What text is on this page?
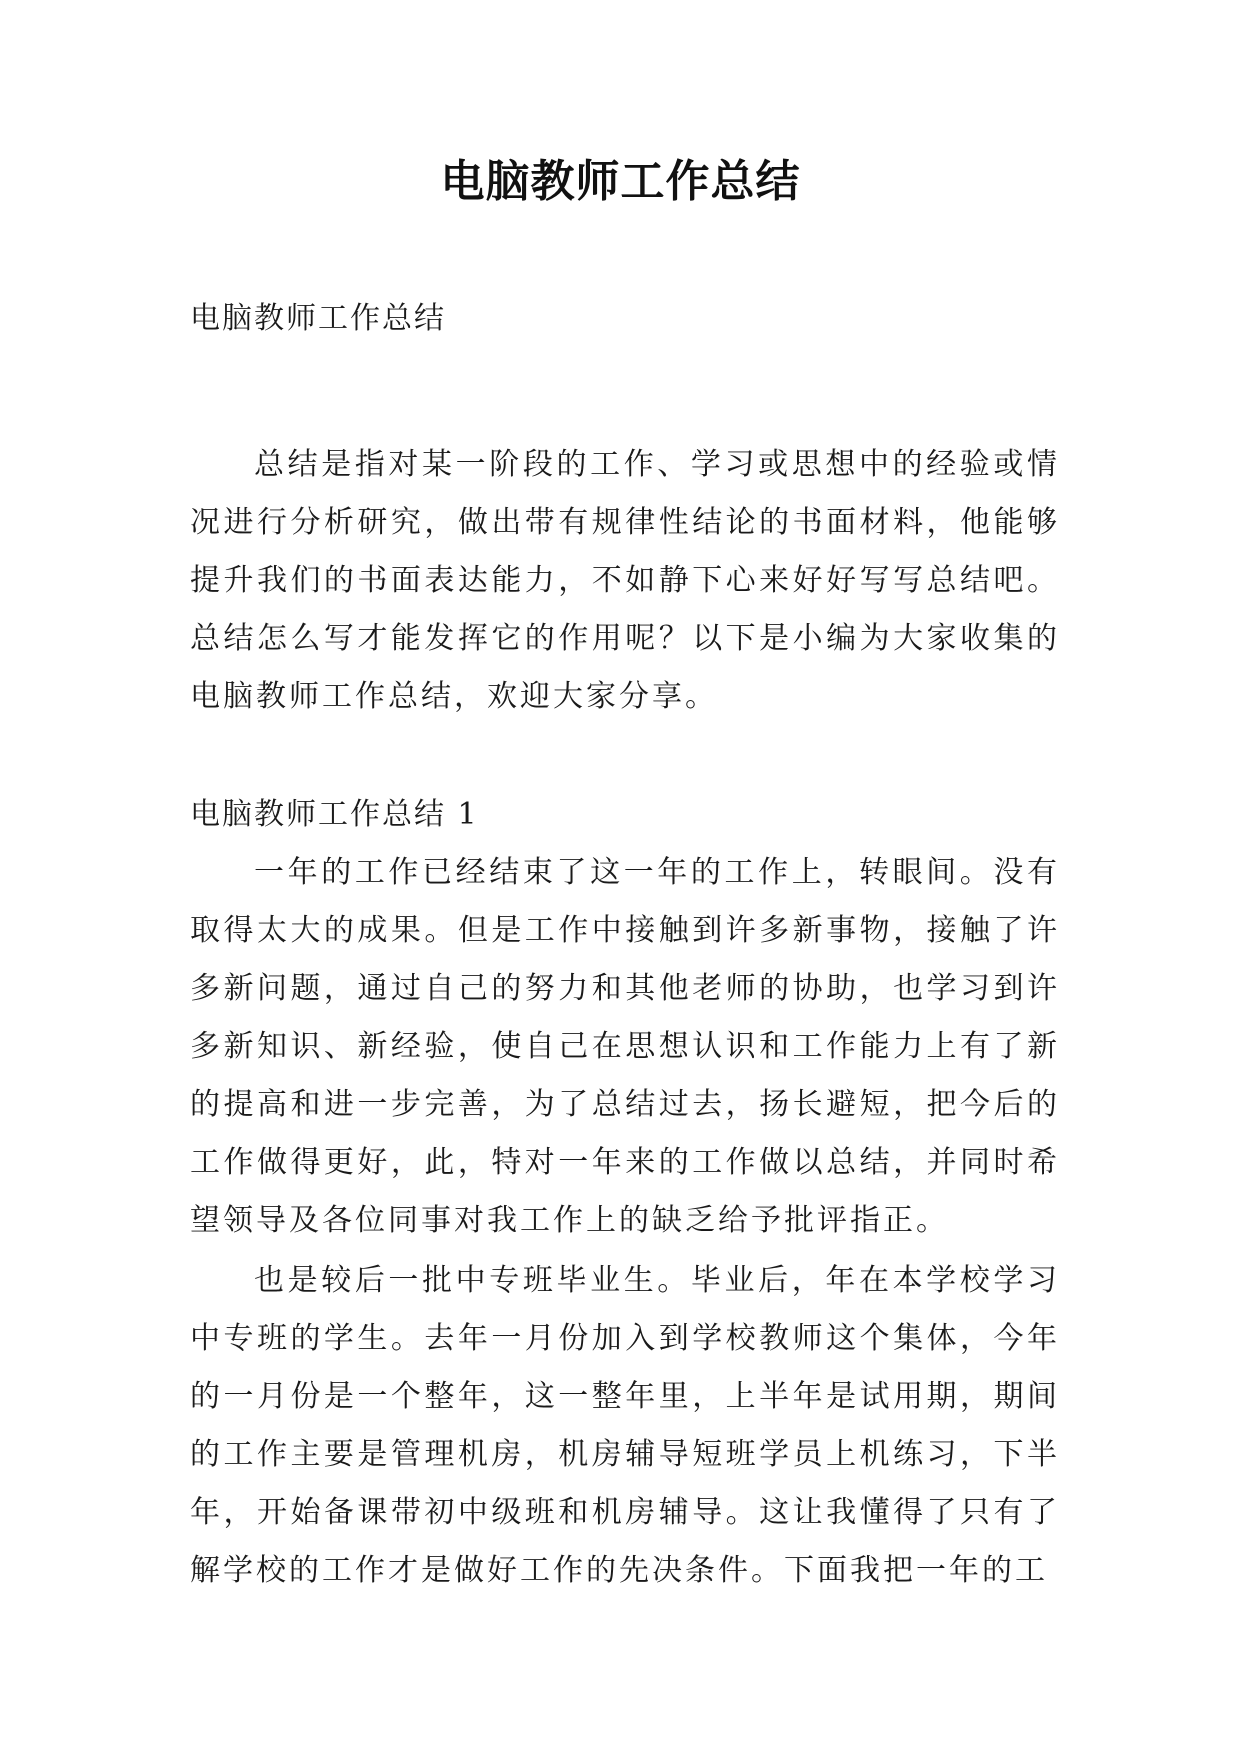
电脑教师工作总结

电脑教师工作总结

总结是指对某一阶段的工作、学习或思想中的经验或情况进行分析研究，做出带有规律性结论的书面材料，他能够提升我们的书面表达能力，不如静下心来好好写写总结吧。总结怎么写才能发挥它的作用呢？以下是小编为大家收集的电脑教师工作总结，欢迎大家分享。

电脑教师工作总结 1

一年的工作已经结束了这一年的工作上，转眼间。没有取得太大的成果。但是工作中接触到许多新事物，接触了许多新问题，通过自己的努力和其他老师的协助，也学习到许多新知识、新经验，使自己在思想认识和工作能力上有了新的提高和进一步完善，为了总结过去，扬长避短，把今后的工作做得更好，此，特对一年来的工作做以总结，并同时希望领导及各位同事对我工作上的缺乏给予批评指正。

也是较后一批中专班毕业生。毕业后，年在本学校学习中专班的学生。去年一月份加入到学校教师这个集体，今年的一月份是一个整年，这一整年里，上半年是试用期，期间的工作主要是管理机房，机房辅导短班学员上机练习，下半年，开始备课带初中级班和机房辅导。这让我懂得了只有了解学校的工作才是做好工作的先决条件。下面我把一年的工
